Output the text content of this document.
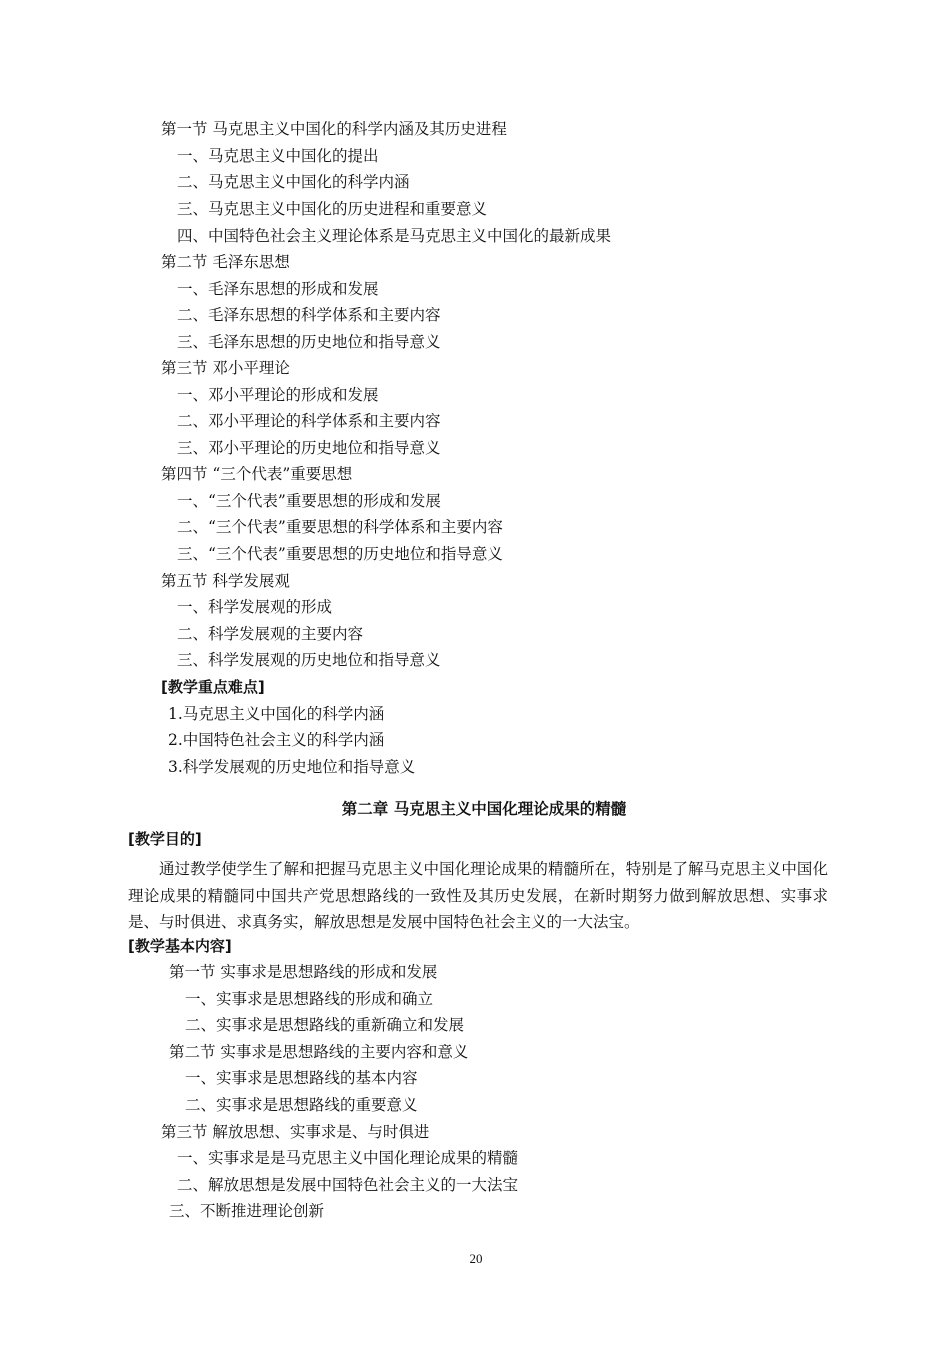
第一节 马克思主义中国化的科学内涵及其历史进程
一、马克思主义中国化的提出
二、马克思主义中国化的科学内涵
三、马克思主义中国化的历史进程和重要意义
四、中国特色社会主义理论体系是马克思主义中国化的最新成果
第二节 毛泽东思想
一、毛泽东思想的形成和发展
二、毛泽东思想的科学体系和主要内容
三、毛泽东思想的历史地位和指导意义
第三节 邓小平理论
一、邓小平理论的形成和发展
二、邓小平理论的科学体系和主要内容
三、邓小平理论的历史地位和指导意义
第四节 “三个代表”重要思想
一、“三个代表”重要思想的形成和发展
二、“三个代表”重要思想的科学体系和主要内容
三、“三个代表”重要思想的历史地位和指导意义
第五节 科学发展观
一、科学发展观的形成
二、科学发展观的主要内容
三、科学发展观的历史地位和指导意义
[教学重点难点]
1.马克思主义中国化的科学内涵
2.中国特色社会主义的科学内涵
3.科学发展观的历史地位和指导意义
第二章 马克思主义中国化理论成果的精髓
[教学目的]
通过教学使学生了解和把握马克思主义中国化理论成果的精髓所在，特别是了解马克思主义中国化理论成果的精髓同中国共产党思想路线的一致性及其历史发展，在新时期努力做到解放思想、实事求是、与时俱进、求真务实，解放思想是发展中国特色社会主义的一大法宝。
[教学基本内容]
第一节 实事求是思想路线的形成和发展
一、实事求是思想路线的形成和确立
二、实事求是思想路线的重新确立和发展
第二节 实事求是思想路线的主要内容和意义
一、实事求是思想路线的基本内容
二、实事求是思想路线的重要意义
第三节 解放思想、实事求是、与时俱进
一、实事求是是马克思主义中国化理论成果的精髓
二、解放思想是发展中国特色社会主义的一大法宝
三、不断推进理论创新
20
